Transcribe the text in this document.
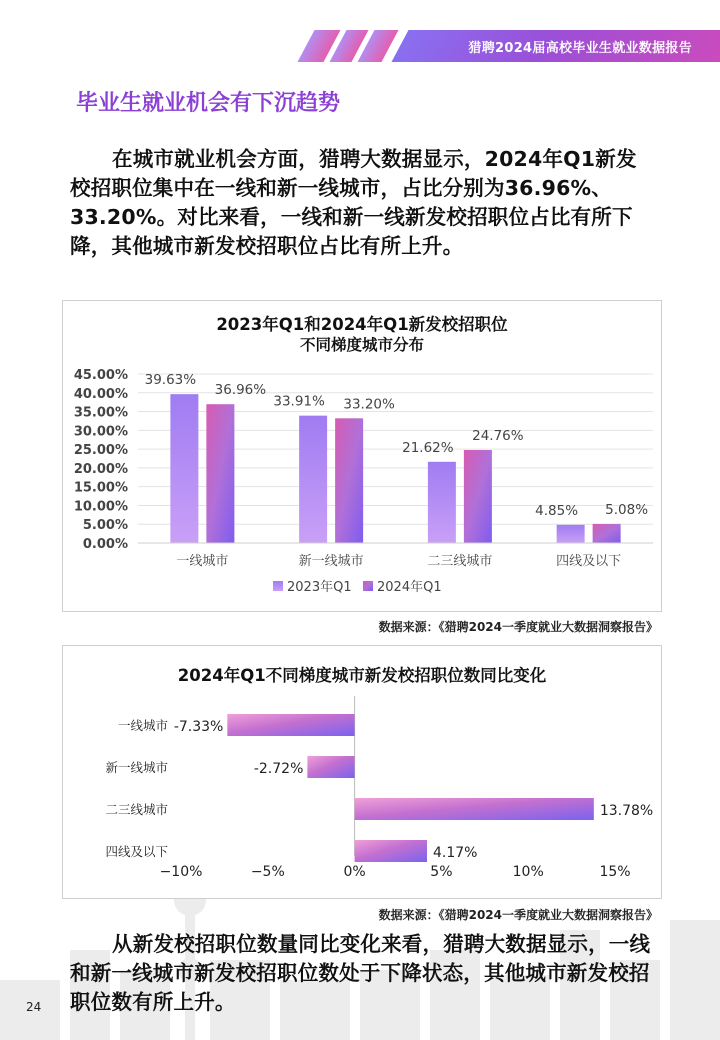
猎聘2024届高校毕业生就业数据报告
毕业生就业机会有下沉趋势
在城市就业机会方面，猎聘大数据显示，2024年Q1新发校招职位集中在一线和新一线城市，占比分别为36.96%、33.20%。对比来看，一线和新一线新发校招职位占比有所下降，其他城市新发校招职位占比有所上升。
2023年Q1和2024年Q1新发校招职位
不同梯度城市分布
0.00%
5.00%
10.00%
15.00%
20.00%
25.00%
30.00%
35.00%
40.00%
45.00% 39.63%
36.96%
一线城市
33.91% 33.20%
新一线城市
21.62%
24.76%
二三线城市
4.85% 5.08%
四线及以下
2023年Q1 2024年Q1
数据来源：《猎聘2024一季度就业大数据洞察报告》
2024年Q1不同梯度城市新发校招职位数同比变化
一线城市 -7.33%
新一线城市	-2.72%
二三线城市	13.78%
四线及以下	4.17%
−10%	−5%	0%	5%	10%	15%
数据来源：《猎聘2024一季度就业大数据洞察报告》
从新发校招职位数量同比变化来看，猎聘大数据显示，一线和新一线城市新发校招职位数处于下降状态，其他城市新发校招职位数有所上升。
24
